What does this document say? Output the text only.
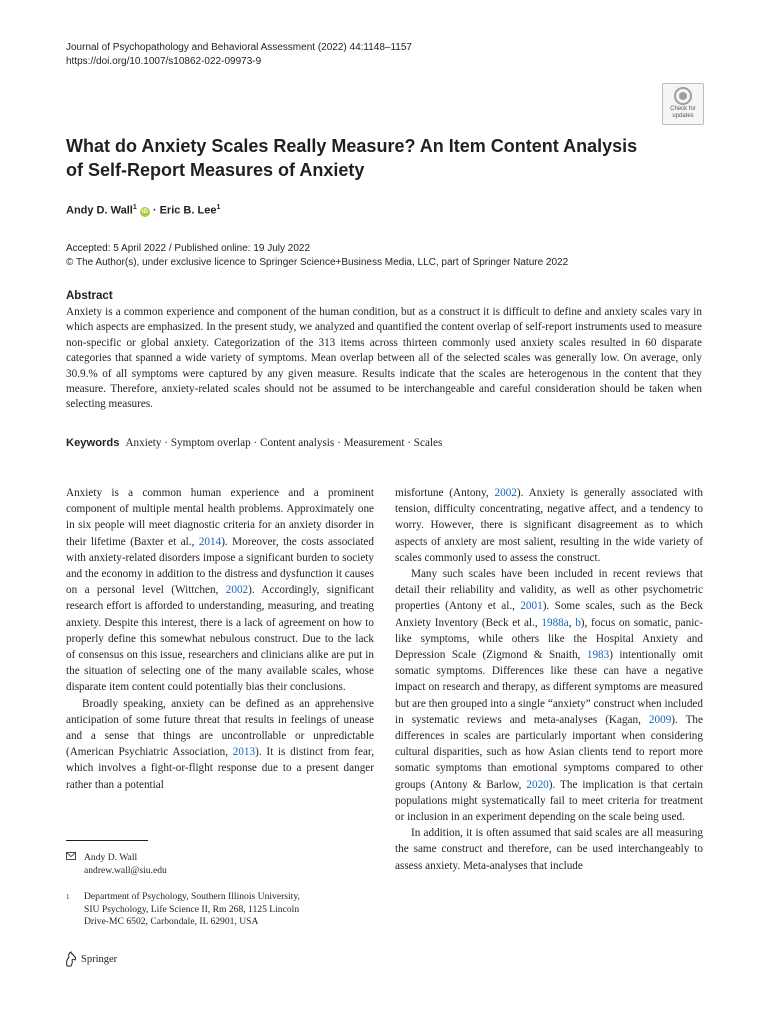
Journal of Psychopathology and Behavioral Assessment (2022) 44:1148–1157
https://doi.org/10.1007/s10862-022-09973-9
Check for
updates
What do Anxiety Scales Really Measure? An Item Content Analysis of Self-Report Measures of Anxiety
Andy D. Wall$^1$ iD · Eric B. Lee$^1$
Accepted: 5 April 2022 / Published online: 19 July 2022
© The Author(s), under exclusive licence to Springer Science+Business Media, LLC, part of Springer Nature 2022
Abstract
Anxiety is a common experience and component of the human condition, but as a construct it is difficult to define and anxiety scales vary in which aspects are emphasized. In the present study, we analyzed and quantified the content overlap of self-report instruments used to measure non-specific or global anxiety. Categorization of the 313 items across thirteen commonly used anxiety scales resulted in 60 disparate categories that spanned a wide variety of symptoms. Mean overlap between all of the selected scales was generally low. On average, only 30.9.% of all symptoms were captured by any given measure. Results indicate that the scales are heterogenous in the content that they measure. Therefore, anxiety-related scales should not be assumed to be interchangeable and careful consideration should be taken when selecting measures.
Keywords Anxiety · Symptom overlap · Content analysis · Measurement · Scales

Anxiety is a common human experience and a prominent component of multiple mental health problems. Approximately one in six people will meet diagnostic criteria for an anxiety disorder in their lifetime (Baxter et al., 2014). Moreover, the costs associated with anxiety-related disorders impose a significant burden to society and the economy in addition to the distress and dysfunction it causes on a personal level (Wittchen, 2002). Accordingly, significant research effort is afforded to understanding, measuring, and treating anxiety. Despite this interest, there is a lack of agreement on how to properly define this somewhat nebulous construct. Due to the lack of consensus on this issue, researchers and clinicians alike are put in the situation of selecting one of the many available scales, whose disparate item content could potentially bias their conclusions.

Broadly speaking, anxiety can be defined as an apprehensive anticipation of some future threat that results in feelings of unease and a sense that things are uncontrollable or unpredictable (American Psychiatric Association, 2013). It is distinct from fear, which involves a fight-or-flight response due to a present danger rather than a potential

misfortune (Antony, 2002). Anxiety is generally associated with tension, difficulty concentrating, negative affect, and a tendency to worry. However, there is significant disagreement as to which aspects of anxiety are most salient, resulting in the wide variety of scales commonly used to assess the construct.

Many such scales have been included in recent reviews that detail their reliability and validity, as well as other psychometric properties (Antony et al., 2001). Some scales, such as the Beck Anxiety Inventory (Beck et al., 1988a, b), focus on somatic, panic-like symptoms, while others like the Hospital Anxiety and Depression Scale (Zigmond & Snaith, 1983) intentionally omit somatic symptoms. Differences like these can have a negative impact on research and therapy, as different symptoms are measured but are then grouped into a single “anxiety” construct when included in systematic reviews and meta-analyses (Kagan, 2009). The differences in scales are particularly important when considering cultural disparities, such as how Asian clients tend to report more somatic symptoms than emotional symptoms compared to other groups (Antony & Barlow, 2020). The implication is that certain populations might systematically fail to meet criteria for treatment or inclusion in an experiment depending on the scale being used.

In addition, it is often assumed that said scales are all measuring the same construct and therefore, can be used interchangeably to assess anxiety. Meta-analyses that include

Andy D. Wall
andrew.wall@siu.edu
1	Department of Psychology, Southern Illinois University,
SIU Psychology, Life Science II, Rm 268, 1125 Lincoln
Drive-MC 6502, Carbondale, IL 62901, USA
Springer
